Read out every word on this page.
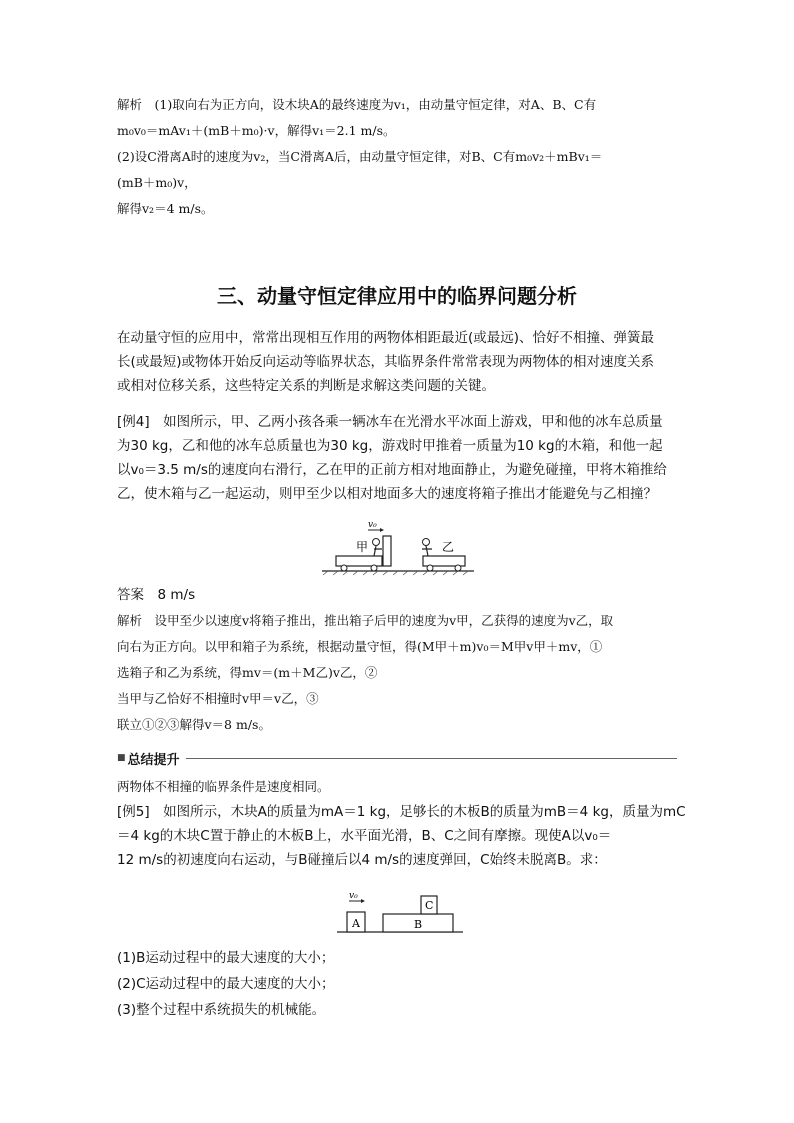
解析　(1)取向右为正方向，设木块A的最终速度为v₁，由动量守恒定律，对A、B、C有
m₀v₀＝mAv₁＋(mB＋m₀)·v，解得v₁＝2.1 m/s。
(2)设C滑离A时的速度为v₂，当C滑离A后，由动量守恒定律，对B、C有m₀v₂＋mBv₁＝
(mB＋m₀)v，
解得v₂＝4 m/s。
三、动量守恒定律应用中的临界问题分析
在动量守恒的应用中，常常出现相互作用的两物体相距最近(或最远)、恰好不相撞、弹簧最
长(或最短)或物体开始反向运动等临界状态，其临界条件常常表现为两物体的相对速度关系
或相对位移关系，这些特定关系的判断是求解这类问题的关键。
[例4]　如图所示，甲、乙两小孩各乘一辆冰车在光滑水平冰面上游戏，甲和他的冰车总质量
为30 kg，乙和他的冰车总质量也为30 kg，游戏时甲推着一质量为10 kg的木箱，和他一起
以v₀＝3.5 m/s的速度向右滑行，乙在甲的正前方相对地面静止，为避免碰撞，甲将木箱推给
乙，使木箱与乙一起运动，则甲至少以相对地面多大的速度将箱子推出才能避免与乙相撞？
v₀
甲	乙
答案　8 m/s
解析　设甲至少以速度v将箱子推出，推出箱子后甲的速度为v甲，乙获得的速度为v乙，取
向右为正方向。以甲和箱子为系统，根据动量守恒，得(M甲＋m)v₀＝M甲v甲＋mv，①
选箱子和乙为系统，得mv＝(m＋M乙)v乙，②
当甲与乙恰好不相撞时v甲＝v乙，③
联立①②③解得v＝8 m/s。
■ 总结提升
两物体不相撞的临界条件是速度相同。
[例5]　如图所示，木块A的质量为mA＝1 kg，足够长的木板B的质量为mB＝4 kg，质量为mC
＝4 kg的木块C置于静止的木板B上，水平面光滑，B、C之间有摩擦。现使A以v₀＝
12 m/s的初速度向右运动，与B碰撞后以4 m/s的速度弹回，C始终未脱离B。求：
v₀
A	B
C
(1)B运动过程中的最大速度的大小；
(2)C运动过程中的最大速度的大小；
(3)整个过程中系统损失的机械能。
